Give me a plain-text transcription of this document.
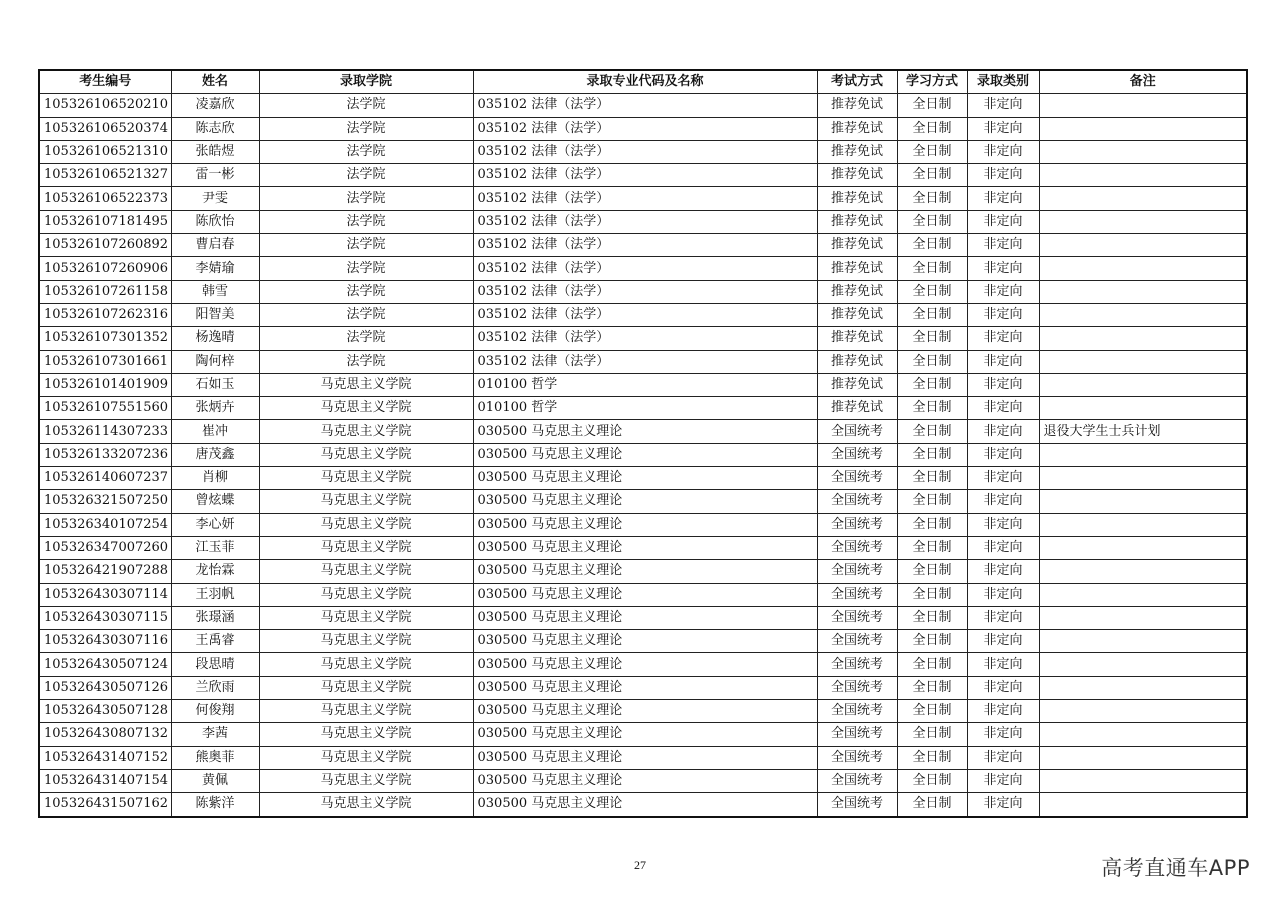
考生编号	姓名	录取学院	录取专业代码及名称	考试方式	学习方式	录取类别	备注
105326106520210	凌嘉欣	法学院	035102 法律（法学）	推荐免试	全日制	非定向	
105326106520374	陈志欣	法学院	035102 法律（法学）	推荐免试	全日制	非定向	
105326106521310	张皓煜	法学院	035102 法律（法学）	推荐免试	全日制	非定向	
105326106521327	雷一彬	法学院	035102 法律（法学）	推荐免试	全日制	非定向	
105326106522373	尹雯	法学院	035102 法律（法学）	推荐免试	全日制	非定向	
105326107181495	陈欣怡	法学院	035102 法律（法学）	推荐免试	全日制	非定向	
105326107260892	曹启春	法学院	035102 法律（法学）	推荐免试	全日制	非定向	
105326107260906	李婧瑜	法学院	035102 法律（法学）	推荐免试	全日制	非定向	
105326107261158	韩雪	法学院	035102 法律（法学）	推荐免试	全日制	非定向	
105326107262316	阳智美	法学院	035102 法律（法学）	推荐免试	全日制	非定向	
105326107301352	杨逸晴	法学院	035102 法律（法学）	推荐免试	全日制	非定向	
105326107301661	陶何梓	法学院	035102 法律（法学）	推荐免试	全日制	非定向	
105326101401909	石如玉	马克思主义学院	010100 哲学	推荐免试	全日制	非定向	
105326107551560	张炳卉	马克思主义学院	010100 哲学	推荐免试	全日制	非定向	
105326114307233	崔冲	马克思主义学院	030500 马克思主义理论	全国统考	全日制	非定向	退役大学生士兵计划
105326133207236	唐茂鑫	马克思主义学院	030500 马克思主义理论	全国统考	全日制	非定向	
105326140607237	肖柳	马克思主义学院	030500 马克思主义理论	全国统考	全日制	非定向	
105326321507250	曾炫蝶	马克思主义学院	030500 马克思主义理论	全国统考	全日制	非定向	
105326340107254	李心妍	马克思主义学院	030500 马克思主义理论	全国统考	全日制	非定向	
105326347007260	江玉菲	马克思主义学院	030500 马克思主义理论	全国统考	全日制	非定向	
105326421907288	龙怡霖	马克思主义学院	030500 马克思主义理论	全国统考	全日制	非定向	
105326430307114	王羽帆	马克思主义学院	030500 马克思主义理论	全国统考	全日制	非定向	
105326430307115	张璟涵	马克思主义学院	030500 马克思主义理论	全国统考	全日制	非定向	
105326430307116	王禹睿	马克思主义学院	030500 马克思主义理论	全国统考	全日制	非定向	
105326430507124	段思晴	马克思主义学院	030500 马克思主义理论	全国统考	全日制	非定向	
105326430507126	兰欣雨	马克思主义学院	030500 马克思主义理论	全国统考	全日制	非定向	
105326430507128	何俊翔	马克思主义学院	030500 马克思主义理论	全国统考	全日制	非定向	
105326430807132	李茜	马克思主义学院	030500 马克思主义理论	全国统考	全日制	非定向	
105326431407152	熊奥菲	马克思主义学院	030500 马克思主义理论	全国统考	全日制	非定向	
105326431407154	黄佩	马克思主义学院	030500 马克思主义理论	全国统考	全日制	非定向	
105326431507162	陈紫洋	马克思主义学院	030500 马克思主义理论	全国统考	全日制	非定向	
27	高考直通车APP
